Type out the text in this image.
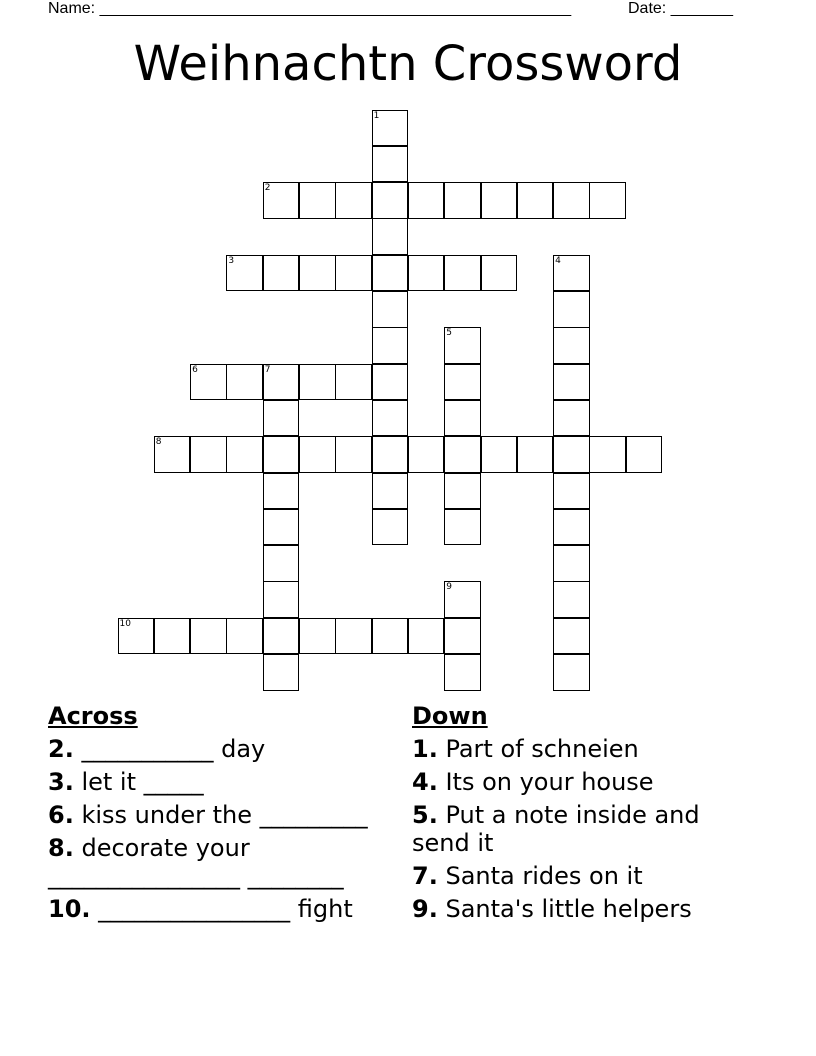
Name: _____________________________________________________	Date: _______
Weihnachtn Crossword
1
2
3	4
5
6	7
8
9
10
Across
2. ___________ day
3. let it _____
6. kiss under the _________
8. decorate your ________________ ________
10. ________________ fight
Down
1. Part of schneien
4. Its on your house
5. Put a note inside and send it
7. Santa rides on it
9. Santa's little helpers
